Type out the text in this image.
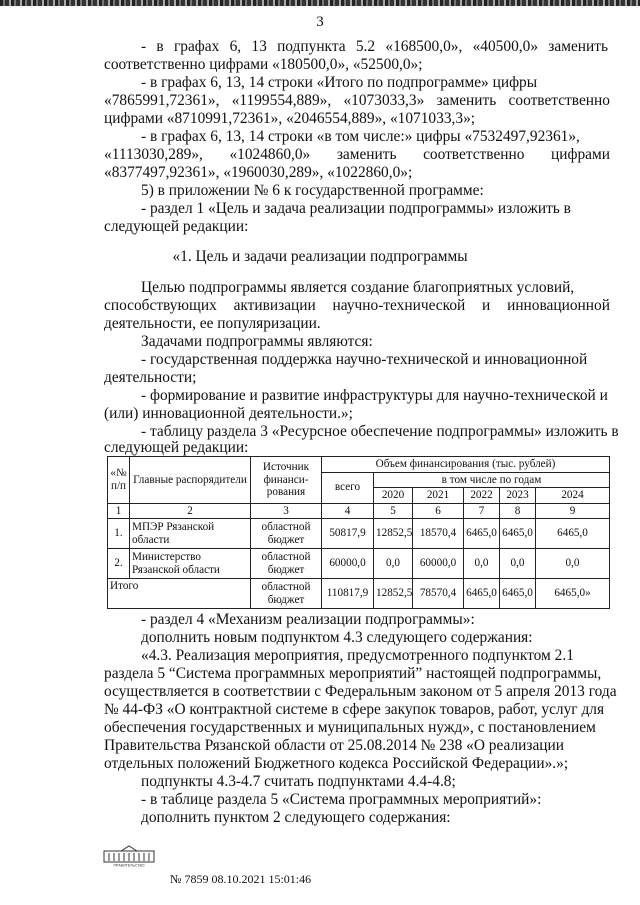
3
- в графах 6, 13 подпункта 5.2 «168500,0», «40500,0» заменить
соответственно цифрами «180500,0», «52500,0»;
- в графах 6, 13, 14 строки «Итого по подпрограмме» цифры
«7865991,72361», «1199554,889», «1073033,3» заменить соответственно
цифрами «8710991,72361», «2046554,889», «1071033,3»;
- в графах 6, 13, 14 строки «в том числе:» цифры «7532497,92361»,
«1113030,289», «1024860,0» заменить соответственно цифрами
«8377497,92361», «1960030,289», «1022860,0»;
5) в приложении № 6 к государственной программе:
- раздел 1 «Цель и задача реализации подпрограммы» изложить в
следующей редакции:
«1. Цель и задачи реализации подпрограммы
Целью подпрограммы является создание благоприятных условий,
способствующих активизации научно-технической и инновационной
деятельности, ее популяризации.
Задачами подпрограммы являются:
- государственная поддержка научно-технической и инновационной
деятельности;
- формирование и развитие инфраструктуры для научно-технической и
(или) инновационной деятельности.»;
- таблицу раздела 3 «Ресурсное обеспечение подпрограммы» изложить в
следующей редакции:
«№ п/п	Главные распорядители	Источник финанси-рования	Объем финансирования (тыс. рублей)					
			всего	в том числе по годам				
				2020	2021	2022	2023	2024
1	2	3	4	5	6	7	8	9
1.	МПЭР Рязанской области	областной бюджет	50817,9	12852,5	18570,4	6465,0	6465,0	6465,0
2.	Министерство Рязанской области	областной бюджет	60000,0	0,0	60000,0	0,0	0,0	0,0
Итого		областной бюджет	110817,9	12852,5	78570,4	6465,0	6465,0	6465,0»
- раздел 4 «Механизм реализации подпрограммы»:
дополнить новым подпунктом 4.3 следующего содержания:
«4.3. Реализация мероприятия, предусмотренного подпунктом 2.1
раздела 5 “Система программных мероприятий” настоящей подпрограммы,
осуществляется в соответствии с Федеральным законом от 5 апреля 2013 года
№ 44-ФЗ «О контрактной системе в сфере закупок товаров, работ, услуг для
обеспечения государственных и муниципальных нужд», с постановлением
Правительства Рязанской области от 25.08.2014 № 238 «О реализации
отдельных положений Бюджетного кодекса Российской Федерации».»;
подпункты 4.3-4.7 считать подпунктами 4.4-4.8;
- в таблице раздела 5 «Система программных мероприятий»:
дополнить пунктом 2 следующего содержания:
ПРАВИТЕЛЬСТВО
№ 7859 08.10.2021 15:01:46
